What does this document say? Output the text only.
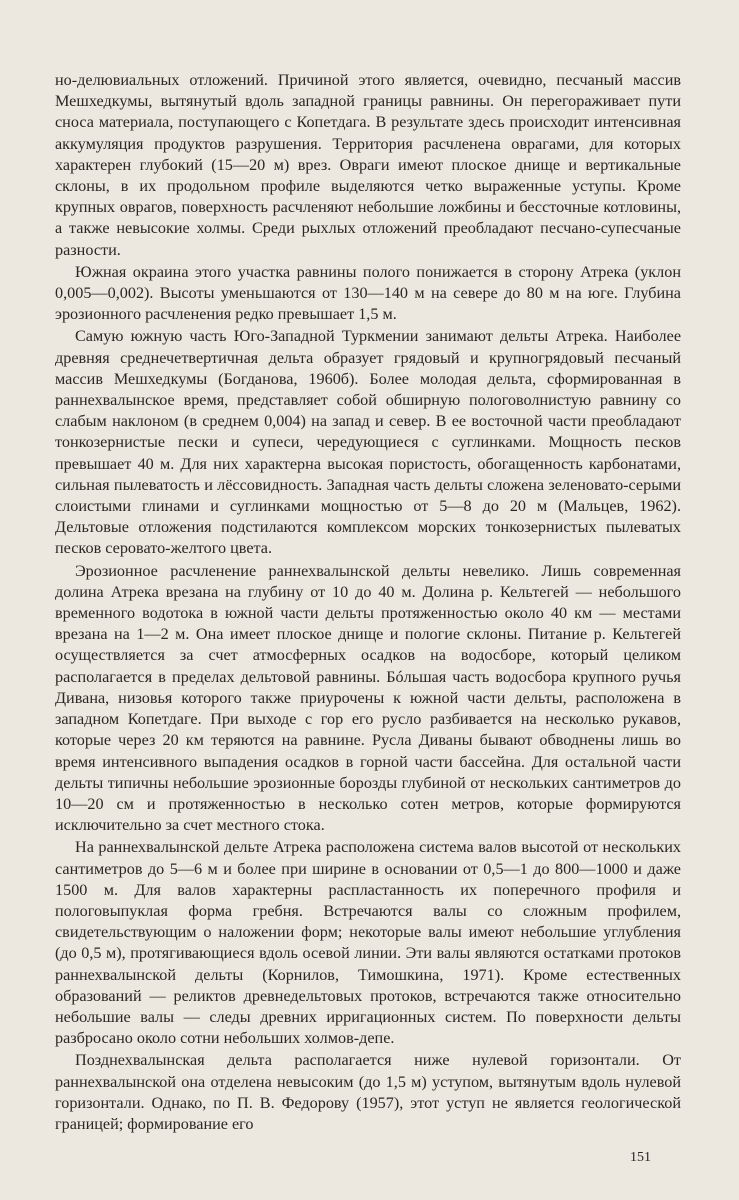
но-делювиальных отложений. Причиной этого является, очевидно, песчаный массив Мешхедкумы, вытянутый вдоль западной границы равнины. Он перегораживает пути сноса материала, поступающего с Копетдага. В результате здесь происходит интенсивная аккумуляция продуктов разрушения. Территория расчленена оврагами, для которых характерен глубокий (15—20 м) врез. Овраги имеют плоское днище и вертикальные склоны, в их продольном профиле выделяются четко выраженные уступы. Кроме крупных оврагов, поверхность расчленяют небольшие ложбины и бессточные котловины, а также невысокие холмы. Среди рыхлых отложений преобладают песчано-супесчаные разности.

Южная окраина этого участка равнины полого понижается в сторону Атрека (уклон 0,005—0,002). Высоты уменьшаются от 130—140 м на севере до 80 м на юге. Глубина эрозионного расчленения редко превышает 1,5 м.

Самую южную часть Юго-Западной Туркмении занимают дельты Атрека. Наиболее древняя среднечетвертичная дельта образует грядовый и крупногрядовый песчаный массив Мешхедкумы (Богданова, 1960б). Более молодая дельта, сформированная в раннехвалынское время, представляет собой обширную пологоволнистую равнину со слабым наклоном (в среднем 0,004) на запад и север. В ее восточной части преобладают тонкозернистые пески и супеси, чередующиеся с суглинками. Мощность песков превышает 40 м. Для них характерна высокая пористость, обогащенность карбонатами, сильная пылеватость и лёссовидность. Западная часть дельты сложена зеленовато-серыми слоистыми глинами и суглинками мощностью от 5—8 до 20 м (Мальцев, 1962). Дельтовые отложения подстилаются комплексом морских тонкозернистых пылеватых песков серовато-желтого цвета.

Эрозионное расчленение раннехвалынской дельты невелико. Лишь современная долина Атрека врезана на глубину от 10 до 40 м. Долина р. Кельтегей — небольшого временного водотока в южной части дельты протяженностью около 40 км — местами врезана на 1—2 м. Она имеет плоское днище и пологие склоны. Питание р. Кельтегей осуществляется за счет атмосферных осадков на водосборе, который целиком располагается в пределах дельтовой равнины. Бóльшая часть водосбора крупного ручья Дивана, низовья которого также приурочены к южной части дельты, расположена в западном Копетдаге. При выходе с гор его русло разбивается на несколько рукавов, которые через 20 км теряются на равнине. Русла Диваны бывают обводнены лишь во время интенсивного выпадения осадков в горной части бассейна. Для остальной части дельты типичны небольшие эрозионные борозды глубиной от нескольких сантиметров до 10—20 см и протяженностью в несколько сотен метров, которые формируются исключительно за счет местного стока.

На раннехвалынской дельте Атрека расположена система валов высотой от нескольких сантиметров до 5—6 м и более при ширине в основании от 0,5—1 до 800—1000 и даже 1500 м. Для валов характерны распластанность их поперечного профиля и пологовыпуклая форма гребня. Встречаются валы со сложным профилем, свидетельствующим о наложении форм; некоторые валы имеют небольшие углубления (до 0,5 м), протягивающиеся вдоль осевой линии. Эти валы являются остатками протоков раннехвалынской дельты (Корнилов, Тимошкина, 1971). Кроме естественных образований — реликтов древнедельтовых протоков, встречаются также относительно небольшие валы — следы древних ирригационных систем. По поверхности дельты разбросано около сотни небольших холмов-депе.

Позднехвалынская дельта располагается ниже нулевой горизонтали. От раннехвалынской она отделена невысоким (до 1,5 м) уступом, вытянутым вдоль нулевой горизонтали. Однако, по П. В. Федорову (1957), этот уступ не является геологической границей; формирование его

151
